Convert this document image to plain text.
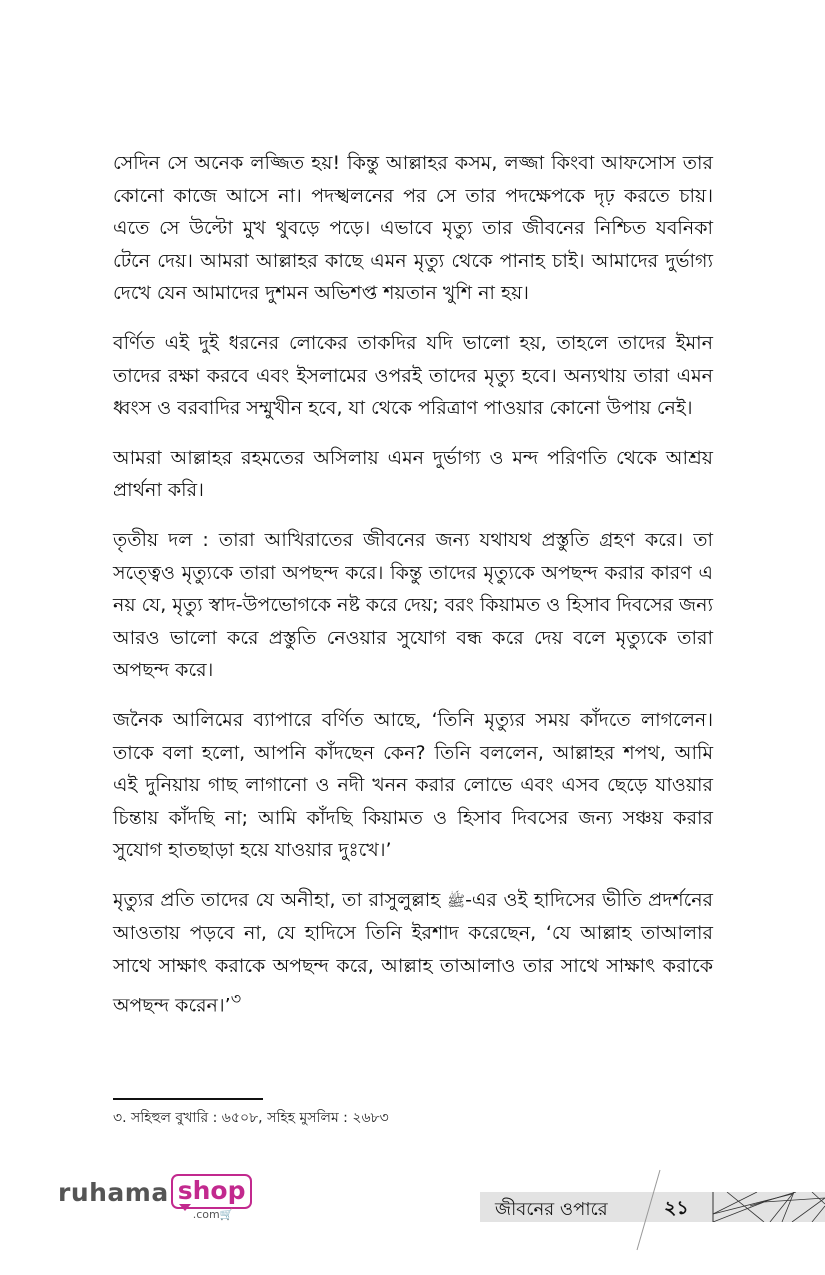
সেদিন সে অনেক লজ্জিত হয়! কিন্তু আল্লাহর কসম, লজ্জা কিংবা আফসোস তার কোনো কাজে আসে না। পদস্খলনের পর সে তার পদক্ষেপকে দৃঢ় করতে চায়। এতে সে উল্টো মুখ থুবড়ে পড়ে। এভাবে মৃত্যু তার জীবনের নিশ্চিত যবনিকা টেনে দেয়। আমরা আল্লাহর কাছে এমন মৃত্যু থেকে পানাহ চাই। আমাদের দুর্ভাগ্য দেখে যেন আমাদের দুশমন অভিশপ্ত শয়তান খুশি না হয়।

বর্ণিত এই দুই ধরনের লোকের তাকদির যদি ভালো হয়, তাহলে তাদের ইমান তাদের রক্ষা করবে এবং ইসলামের ওপরই তাদের মৃত্যু হবে। অন্যথায় তারা এমন ধ্বংস ও বরবাদির সম্মুখীন হবে, যা থেকে পরিত্রাণ পাওয়ার কোনো উপায় নেই।

আমরা আল্লাহর রহমতের অসিলায় এমন দুর্ভাগ্য ও মন্দ পরিণতি থেকে আশ্রয় প্রার্থনা করি।

তৃতীয় দল : তারা আখিরাতের জীবনের জন্য যথাযথ প্রস্তুতি গ্রহণ করে। তা সত্ত্বেও মৃত্যুকে তারা অপছন্দ করে। কিন্তু তাদের মৃত্যুকে অপছন্দ করার কারণ এ নয় যে, মৃত্যু স্বাদ-উপভোগকে নষ্ট করে দেয়; বরং কিয়ামত ও হিসাব দিবসের জন্য আরও ভালো করে প্রস্তুতি নেওয়ার সুযোগ বন্ধ করে দেয় বলে মৃত্যুকে তারা অপছন্দ করে।

জনৈক আলিমের ব্যাপারে বর্ণিত আছে, ‘তিনি মৃত্যুর সময় কাঁদতে লাগলেন। তাকে বলা হলো, আপনি কাঁদছেন কেন? তিনি বললেন, আল্লাহর শপথ, আমি এই দুনিয়ায় গাছ লাগানো ও নদী খনন করার লোভে এবং এসব ছেড়ে যাওয়ার চিন্তায় কাঁদছি না; আমি কাঁদছি কিয়ামত ও হিসাব দিবসের জন্য সঞ্চয় করার সুযোগ হাতছাড়া হয়ে যাওয়ার দুঃখে।’

মৃত্যুর প্রতি তাদের যে অনীহা, তা রাসুলুল্লাহ ﷺ-এর ওই হাদিসের ভীতি প্রদর্শনের আওতায় পড়বে না, যে হাদিসে তিনি ইরশাদ করেছেন, ‘যে আল্লাহ তাআলার সাথে সাক্ষাৎ করাকে অপছন্দ করে, আল্লাহ তাআলাও তার সাথে সাক্ষাৎ করাকে অপছন্দ করেন।’$^৩$

৩. সহিহুল বুখারি : ৬৫০৮, সহিহ মুসলিম : ২৬৮৩
ruhama shop
.com🛒	জীবনের ওপারে	২১
